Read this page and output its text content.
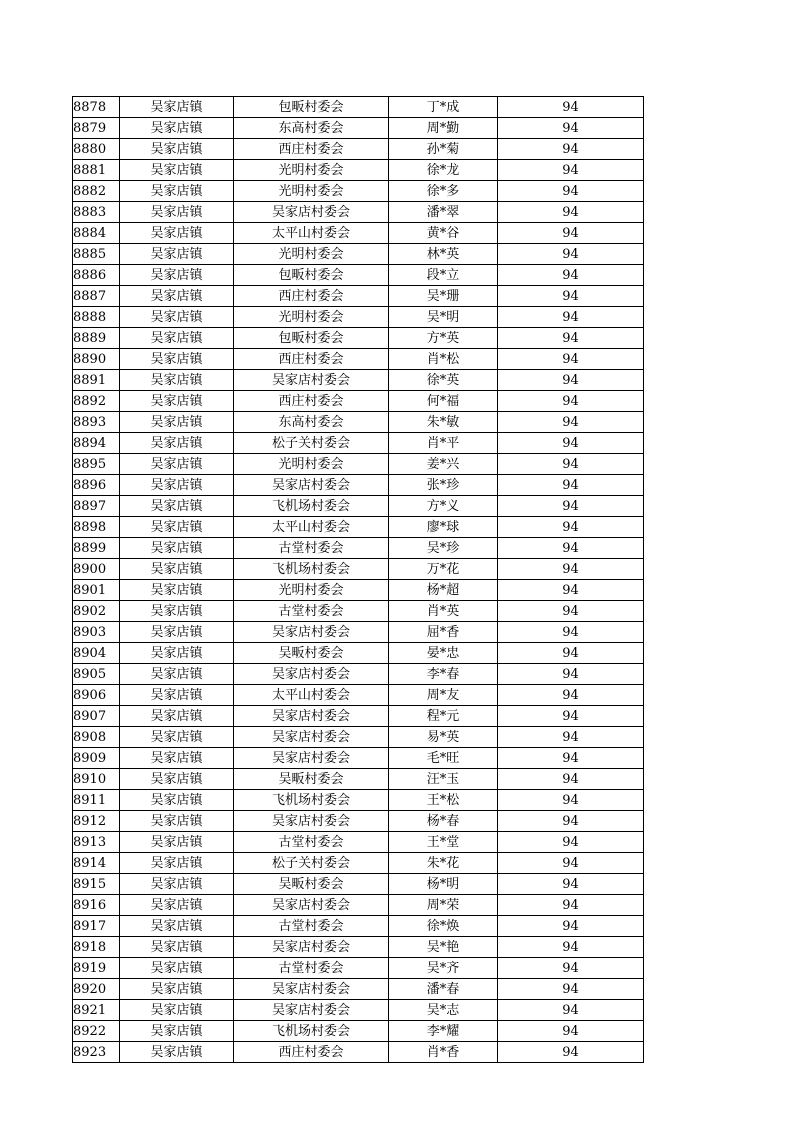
8878	吴家店镇	包畈村委会	丁*成	94
8879	吴家店镇	东高村委会	周*勤	94
8880	吴家店镇	西庄村委会	孙*菊	94
8881	吴家店镇	光明村委会	徐*龙	94
8882	吴家店镇	光明村委会	徐*多	94
8883	吴家店镇	吴家店村委会	潘*翠	94
8884	吴家店镇	太平山村委会	黄*谷	94
8885	吴家店镇	光明村委会	林*英	94
8886	吴家店镇	包畈村委会	段*立	94
8887	吴家店镇	西庄村委会	吴*珊	94
8888	吴家店镇	光明村委会	吴*明	94
8889	吴家店镇	包畈村委会	方*英	94
8890	吴家店镇	西庄村委会	肖*松	94
8891	吴家店镇	吴家店村委会	徐*英	94
8892	吴家店镇	西庄村委会	何*福	94
8893	吴家店镇	东高村委会	朱*敏	94
8894	吴家店镇	松子关村委会	肖*平	94
8895	吴家店镇	光明村委会	姜*兴	94
8896	吴家店镇	吴家店村委会	张*珍	94
8897	吴家店镇	飞机场村委会	方*义	94
8898	吴家店镇	太平山村委会	廖*球	94
8899	吴家店镇	古堂村委会	吴*珍	94
8900	吴家店镇	飞机场村委会	万*花	94
8901	吴家店镇	光明村委会	杨*超	94
8902	吴家店镇	古堂村委会	肖*英	94
8903	吴家店镇	吴家店村委会	屈*香	94
8904	吴家店镇	吴畈村委会	晏*忠	94
8905	吴家店镇	吴家店村委会	李*春	94
8906	吴家店镇	太平山村委会	周*友	94
8907	吴家店镇	吴家店村委会	程*元	94
8908	吴家店镇	吴家店村委会	易*英	94
8909	吴家店镇	吴家店村委会	毛*旺	94
8910	吴家店镇	吴畈村委会	汪*玉	94
8911	吴家店镇	飞机场村委会	王*松	94
8912	吴家店镇	吴家店村委会	杨*春	94
8913	吴家店镇	古堂村委会	王*堂	94
8914	吴家店镇	松子关村委会	朱*花	94
8915	吴家店镇	吴畈村委会	杨*明	94
8916	吴家店镇	吴家店村委会	周*荣	94
8917	吴家店镇	古堂村委会	徐*焕	94
8918	吴家店镇	吴家店村委会	吴*艳	94
8919	吴家店镇	古堂村委会	吴*齐	94
8920	吴家店镇	吴家店村委会	潘*春	94
8921	吴家店镇	吴家店村委会	吴*志	94
8922	吴家店镇	飞机场村委会	李*耀	94
8923	吴家店镇	西庄村委会	肖*香	94
